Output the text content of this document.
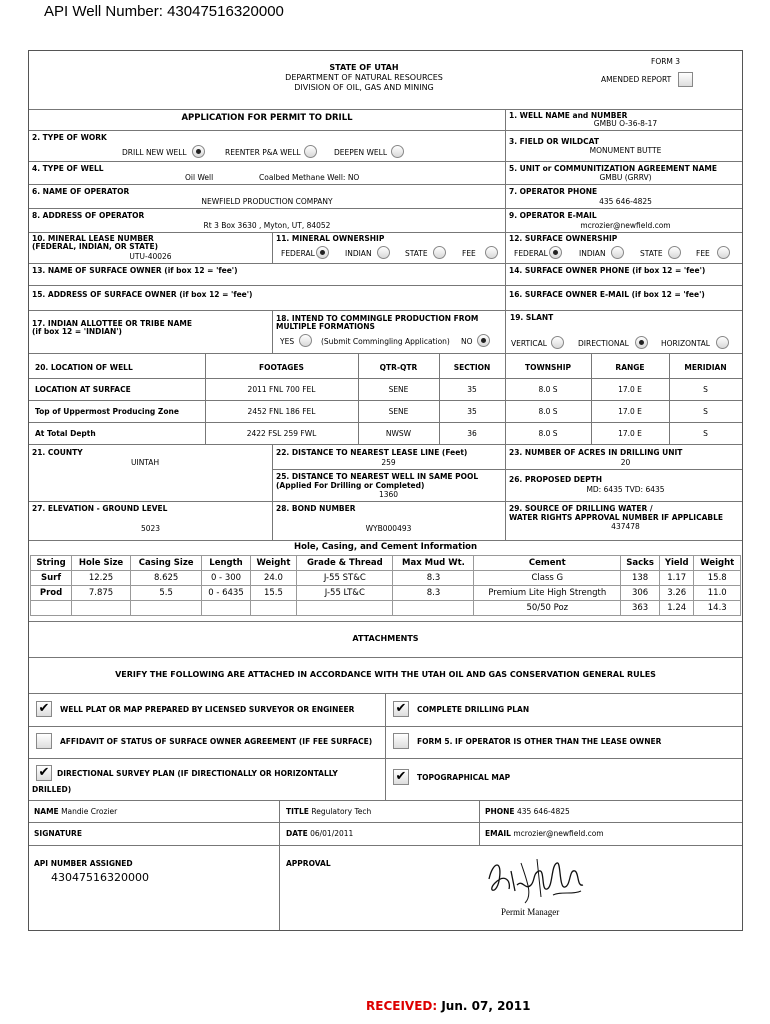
API Well Number: 43047516320000
FORM 3
STATE OF UTAH
DEPARTMENT OF NATURAL RESOURCES
DIVISION OF OIL, GAS AND MINING
AMENDED REPORT
APPLICATION FOR PERMIT TO DRILL	1. WELL NAME and NUMBER
GMBU O-36-8-17
2. TYPE OF WORK
DRILL NEW WELL	REENTER P&A WELL	DEEPEN WELL
3. FIELD OR WILDCAT
MONUMENT BUTTE
4. TYPE OF WELL
Oil Well	Coalbed Methane Well: NO
5. UNIT or COMMUNITIZATION AGREEMENT NAME
GMBU (GRRV)
6. NAME OF OPERATOR
NEWFIELD PRODUCTION COMPANY
7. OPERATOR PHONE
435 646-4825
8. ADDRESS OF OPERATOR
Rt 3 Box 3630 , Myton, UT, 84052
9. OPERATOR E-MAIL
mcrozier@newfield.com
10. MINERAL LEASE NUMBER
(FEDERAL, INDIAN, OR STATE)
UTU-40026
11. MINERAL OWNERSHIP
FEDERAL	INDIAN	STATE	FEE
12. SURFACE OWNERSHIP
FEDERAL	INDIAN	STATE	FEE
13. NAME OF SURFACE OWNER (if box 12 = 'fee')	14. SURFACE OWNER PHONE (if box 12 = 'fee')
15. ADDRESS OF SURFACE OWNER (if box 12 = 'fee')	16. SURFACE OWNER E-MAIL (if box 12 = 'fee')
17. INDIAN ALLOTTEE OR TRIBE NAME
(if box 12 = 'INDIAN')
18. INTEND TO COMMINGLE PRODUCTION FROM
MULTIPLE FORMATIONS
YES	(Submit Commingling Application) NO
19. SLANT
VERTICAL	DIRECTIONAL	HORIZONTAL
20. LOCATION OF WELL	FOOTAGES	QTR-QTR	SECTION	TOWNSHIP	RANGE	MERIDIAN
LOCATION AT SURFACE	2011 FNL 700 FEL	SENE	35	8.0 S	17.0 E	S
Top of Uppermost Producing Zone	2452 FNL 186 FEL	SENE	35	8.0 S	17.0 E	S
At Total Depth	2422 FSL 259 FWL	NWSW	36	8.0 S	17.0 E	S
21. COUNTY
UINTAH
22. DISTANCE TO NEAREST LEASE LINE (Feet)
259
23. NUMBER OF ACRES IN DRILLING UNIT
20
25. DISTANCE TO NEAREST WELL IN SAME POOL
(Applied For Drilling or Completed)
1360
26. PROPOSED DEPTH
MD: 6435 TVD: 6435
27. ELEVATION - GROUND LEVEL
5023
28. BOND NUMBER
WYB000493
29. SOURCE OF DRILLING WATER /
WATER RIGHTS APPROVAL NUMBER IF APPLICABLE
437478
Hole, Casing, and Cement Information
String	Hole Size	Casing Size	Length	Weight	Grade & Thread	Max Mud Wt.	Cement	Sacks	Yield	Weight
Surf	12.25	8.625	0 - 300	24.0	J-55 ST&C	8.3	Class G	138	1.17	15.8
Prod	7.875	5.5	0 - 6435	15.5	J-55 LT&C	8.3	Premium Lite High Strength	306	3.26	11.0
							50/50 Poz	363	1.24	14.3
ATTACHMENTS
VERIFY THE FOLLOWING ARE ATTACHED IN ACCORDANCE WITH THE UTAH OIL AND GAS CONSERVATION GENERAL RULES
✔	WELL PLAT OR MAP PREPARED BY LICENSED SURVEYOR OR ENGINEER	✔	COMPLETE DRILLING PLAN
AFFIDAVIT OF STATUS OF SURFACE OWNER AGREEMENT (IF FEE SURFACE)	FORM 5. IF OPERATOR IS OTHER THAN THE LEASE OWNER
✔	DIRECTIONAL SURVEY PLAN (IF DIRECTIONALLY OR HORIZONTALLY
DRILLED)
✔	TOPOGRAPHICAL MAP
NAME Mandie Crozier	TITLE Regulatory Tech	PHONE 435 646-4825
SIGNATURE	DATE 06/01/2011	EMAIL mcrozier@newfield.com
API NUMBER ASSIGNED
43047516320000
APPROVAL
Permit Manager
RECEIVED: Jun. 07, 2011
